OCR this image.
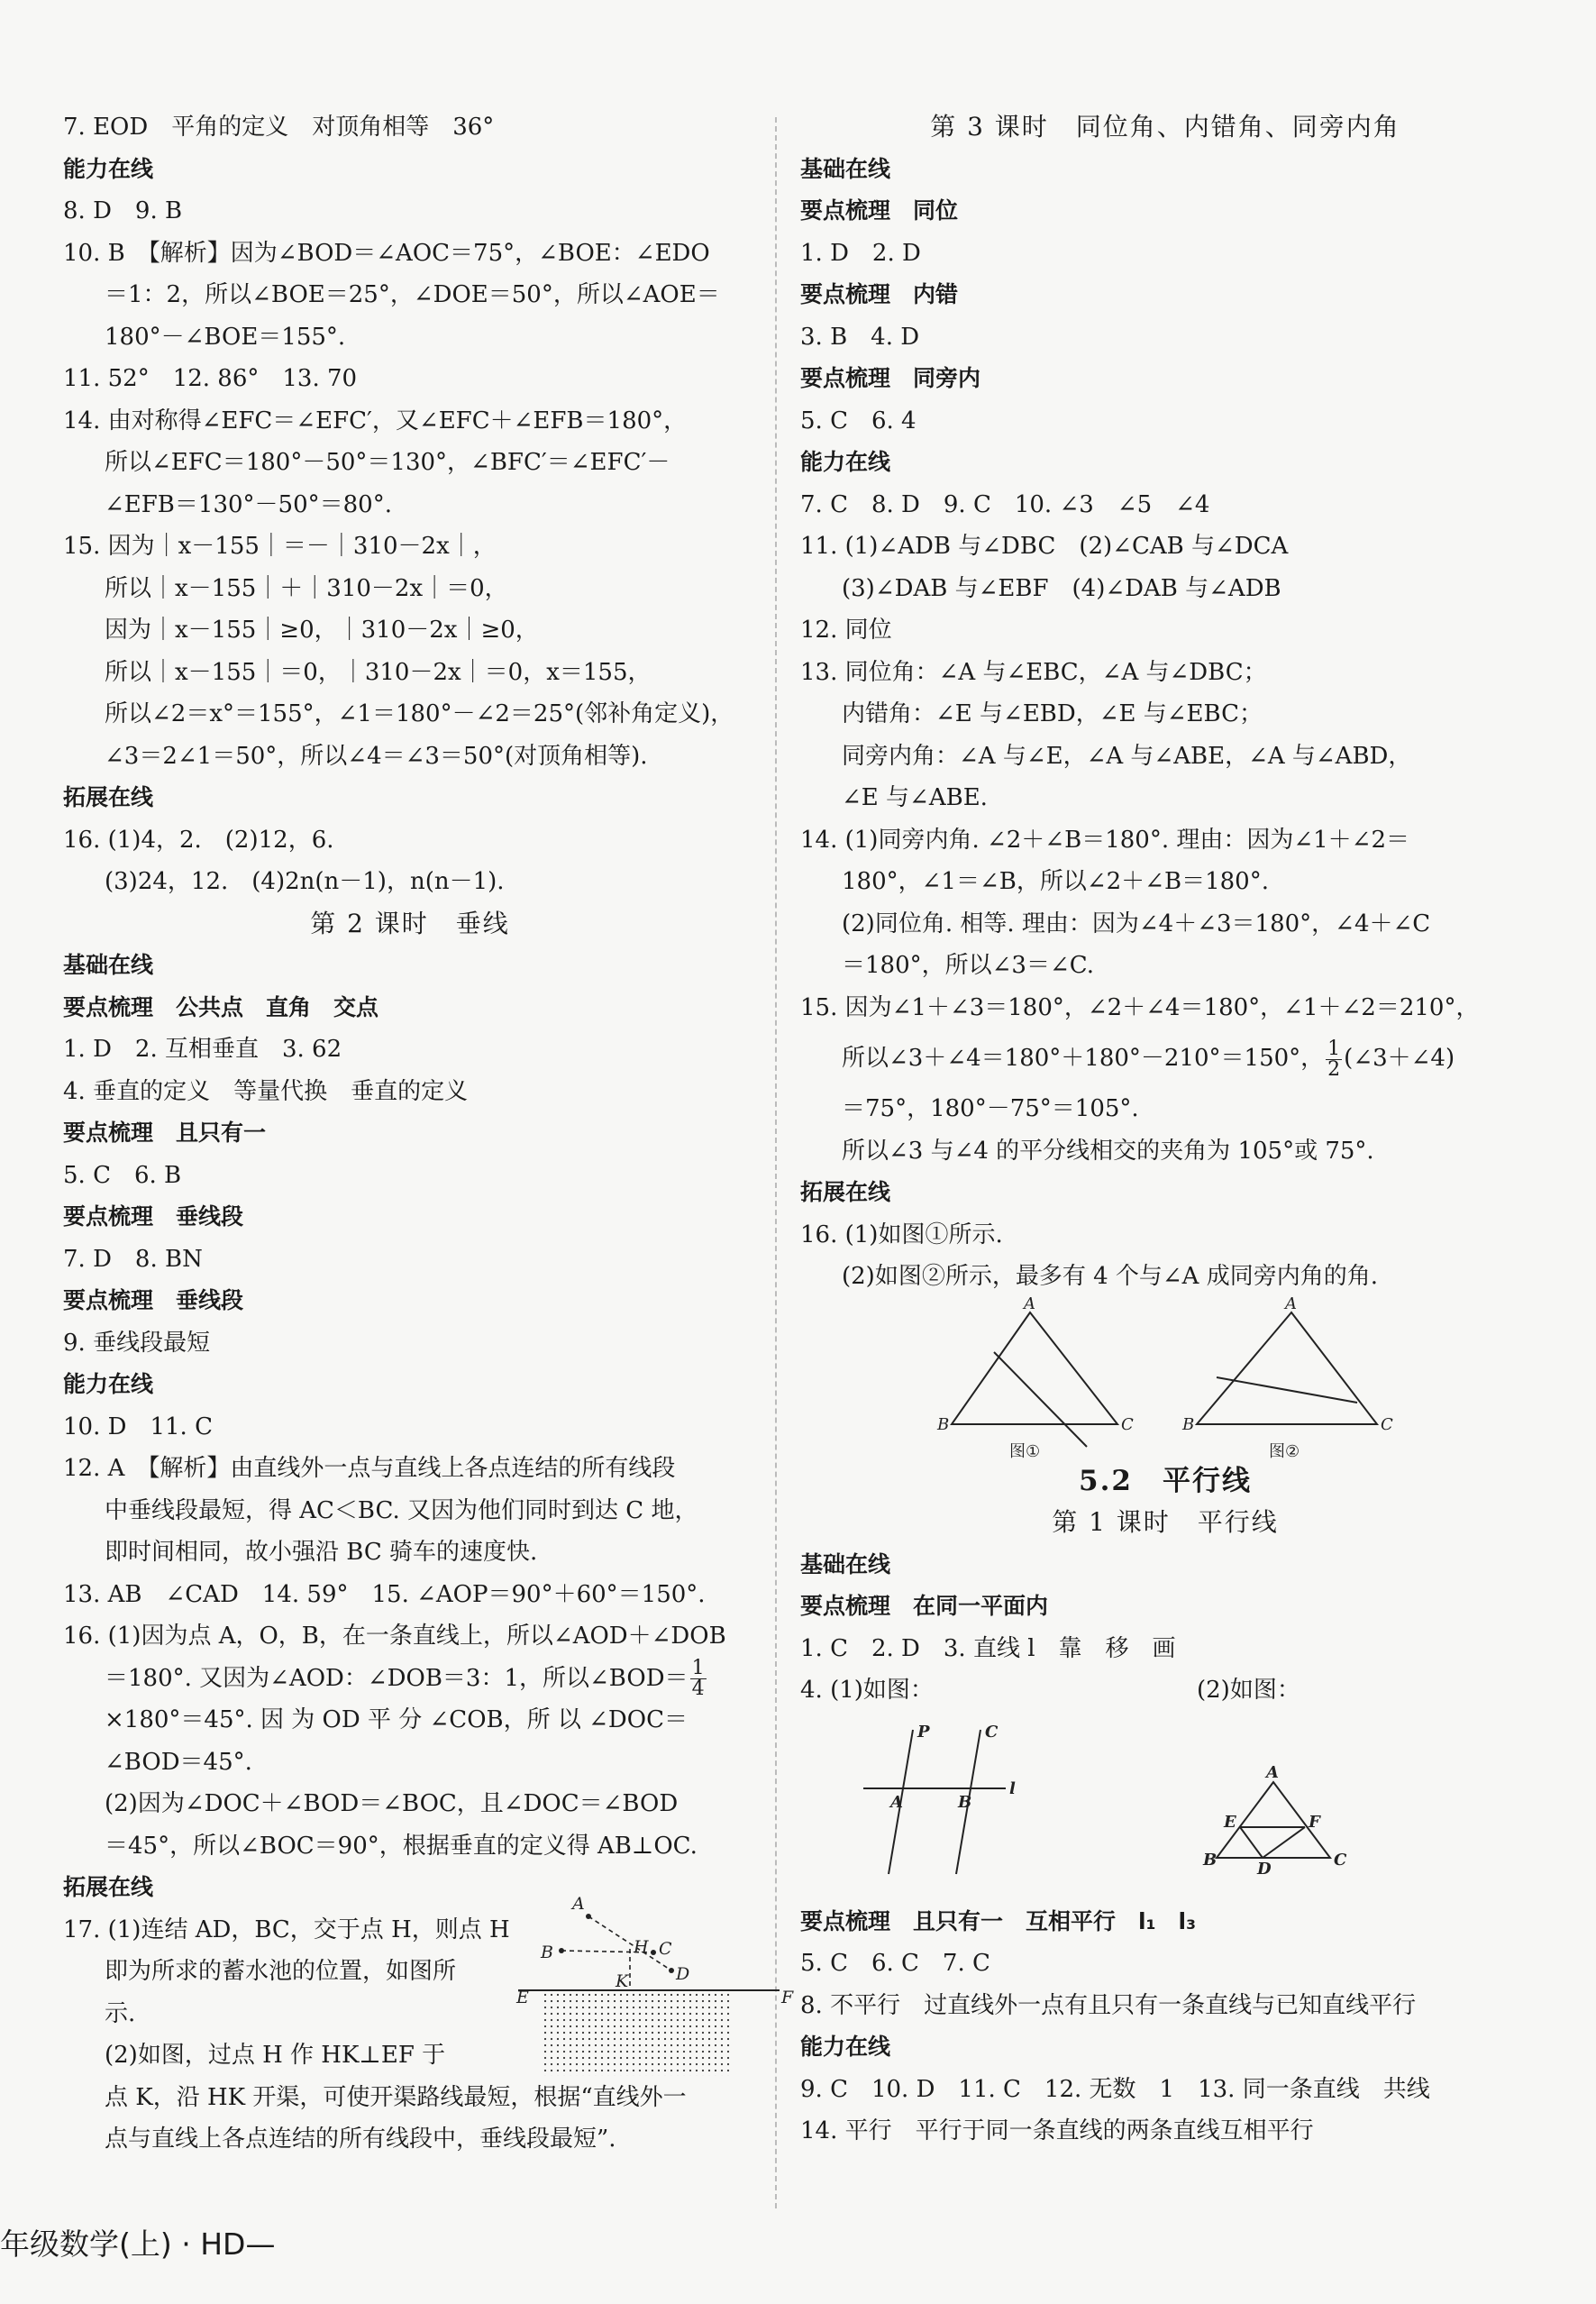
7. EOD　平角的定义　对顶角相等　36°
能力在线
8. D　9. B
10. B　【解析】因为∠BOD＝∠AOC＝75°，∠BOE：∠EDO
＝1：2，所以∠BOE＝25°，∠DOE＝50°，所以∠AOE＝
180°－∠BOE＝155°.
11. 52°　12. 86°　13. 70
14. 由对称得∠EFC＝∠EFC′，又∠EFC＋∠EFB＝180°，
所以∠EFC＝180°－50°＝130°，∠BFC′＝∠EFC′－
∠EFB＝130°－50°＝80°.
15. 因为｜x－155｜＝－｜310－2x｜，
所以｜x－155｜＋｜310－2x｜＝0，
因为｜x－155｜≥0，｜310－2x｜≥0，
所以｜x－155｜＝0，｜310－2x｜＝0，x＝155，
所以∠2＝x°＝155°，∠1＝180°－∠2＝25°(邻补角定义)，
∠3＝2∠1＝50°，所以∠4＝∠3＝50°(对顶角相等).
拓展在线
16. (1)4，2.　(2)12，6.
(3)24，12.　(4)2n(n－1)，n(n－1).
第 2 课时　垂线
基础在线
要点梳理　公共点　直角　交点
1. D　2. 互相垂直　3. 62
4. 垂直的定义　等量代换　垂直的定义
要点梳理　且只有一
5. C　6. B
要点梳理　垂线段
7. D　8. BN
要点梳理　垂线段
9. 垂线段最短
能力在线
10. D　11. C
12. A　【解析】由直线外一点与直线上各点连结的所有线段
中垂线段最短，得 AC＜BC. 又因为他们同时到达 C 地，
即时间相同，故小强沿 BC 骑车的速度快.
13. AB　∠CAD　14. 59°　15. ∠AOP＝90°＋60°＝150°.
16. (1)因为点 A，O，B，在一条直线上，所以∠AOD＋∠DOB
＝180°. 又因为∠AOD：∠DOB＝3：1，所以∠BOD＝ $\frac{1}{4}$
×180°＝45°. 因 为 OD 平 分 ∠COB，所 以 ∠DOC＝
∠BOD＝45°.
(2)因为∠DOC＋∠BOD＝∠BOC，且∠DOC＝∠BOD
＝45°，所以∠BOC＝90°，根据垂直的定义得 AB⊥OC.
拓展在线
17. (1)连结 AD，BC，交于点 H，则点 H
即为所求的蓄水池的位置，如图所
示.
(2)如图，过点 H 作 HK⊥EF 于
点 K，沿 HK 开渠，可使开渠路线最短，根据“直线外一
点与直线上各点连结的所有线段中，垂线段最短”.
A
B	C
D
H
K
E	F
第 3 课时　同位角、内错角、同旁内角
基础在线
要点梳理　同位
1. D　2. D
要点梳理　内错
3. B　4. D
要点梳理　同旁内
5. C　6. 4
能力在线
7. C　8. D　9. C　10. ∠3　∠5　∠4
11. (1)∠ADB 与∠DBC　(2)∠CAB 与∠DCA
(3)∠DAB 与∠EBF　(4)∠DAB 与∠ADB
12. 同位
13. 同位角：∠A 与∠EBC，∠A 与∠DBC；
内错角：∠E 与∠EBD，∠E 与∠EBC；
同旁内角：∠A 与∠E，∠A 与∠ABE，∠A 与∠ABD，
∠E 与∠ABE.
14. (1)同旁内角. ∠2＋∠B＝180°. 理由：因为∠1＋∠2＝
180°，∠1＝∠B，所以∠2＋∠B＝180°.
(2)同位角. 相等. 理由：因为∠4＋∠3＝180°，∠4＋∠C
＝180°，所以∠3＝∠C.
15. 因为∠1＋∠3＝180°，∠2＋∠4＝180°，∠1＋∠2＝210°，
所以∠3＋∠4＝180°＋180°－210°＝150°， $\frac{1}{2}$ (∠3＋∠4)
＝75°，180°－75°＝105°.
所以∠3 与∠4 的平分线相交的夹角为 105°或 75°.
拓展在线
16. (1)如图①所示.
(2)如图②所示，最多有 4 个与∠A 成同旁内角的角.
A
B	C
A
B	C
图①	图②
5.2　平行线
第 1 课时　平行线
基础在线
要点梳理　在同一平面内
1. C　2. D　3. 直线 l　靠　移　画
4. (1)如图：	(2)如图：
P	C
A	B
l
A
B	C
D
E	F
要点梳理　且只有一　互相平行　l₁　l₃
5. C　6. C　7. C
8. 不平行　过直线外一点有且只有一条直线与已知直线平行
能力在线
9. C　10. D　11. C　12. 无数　1　13. 同一条直线　共线
14. 平行　平行于同一条直线的两条直线互相平行
年级数学(上) · HD—
